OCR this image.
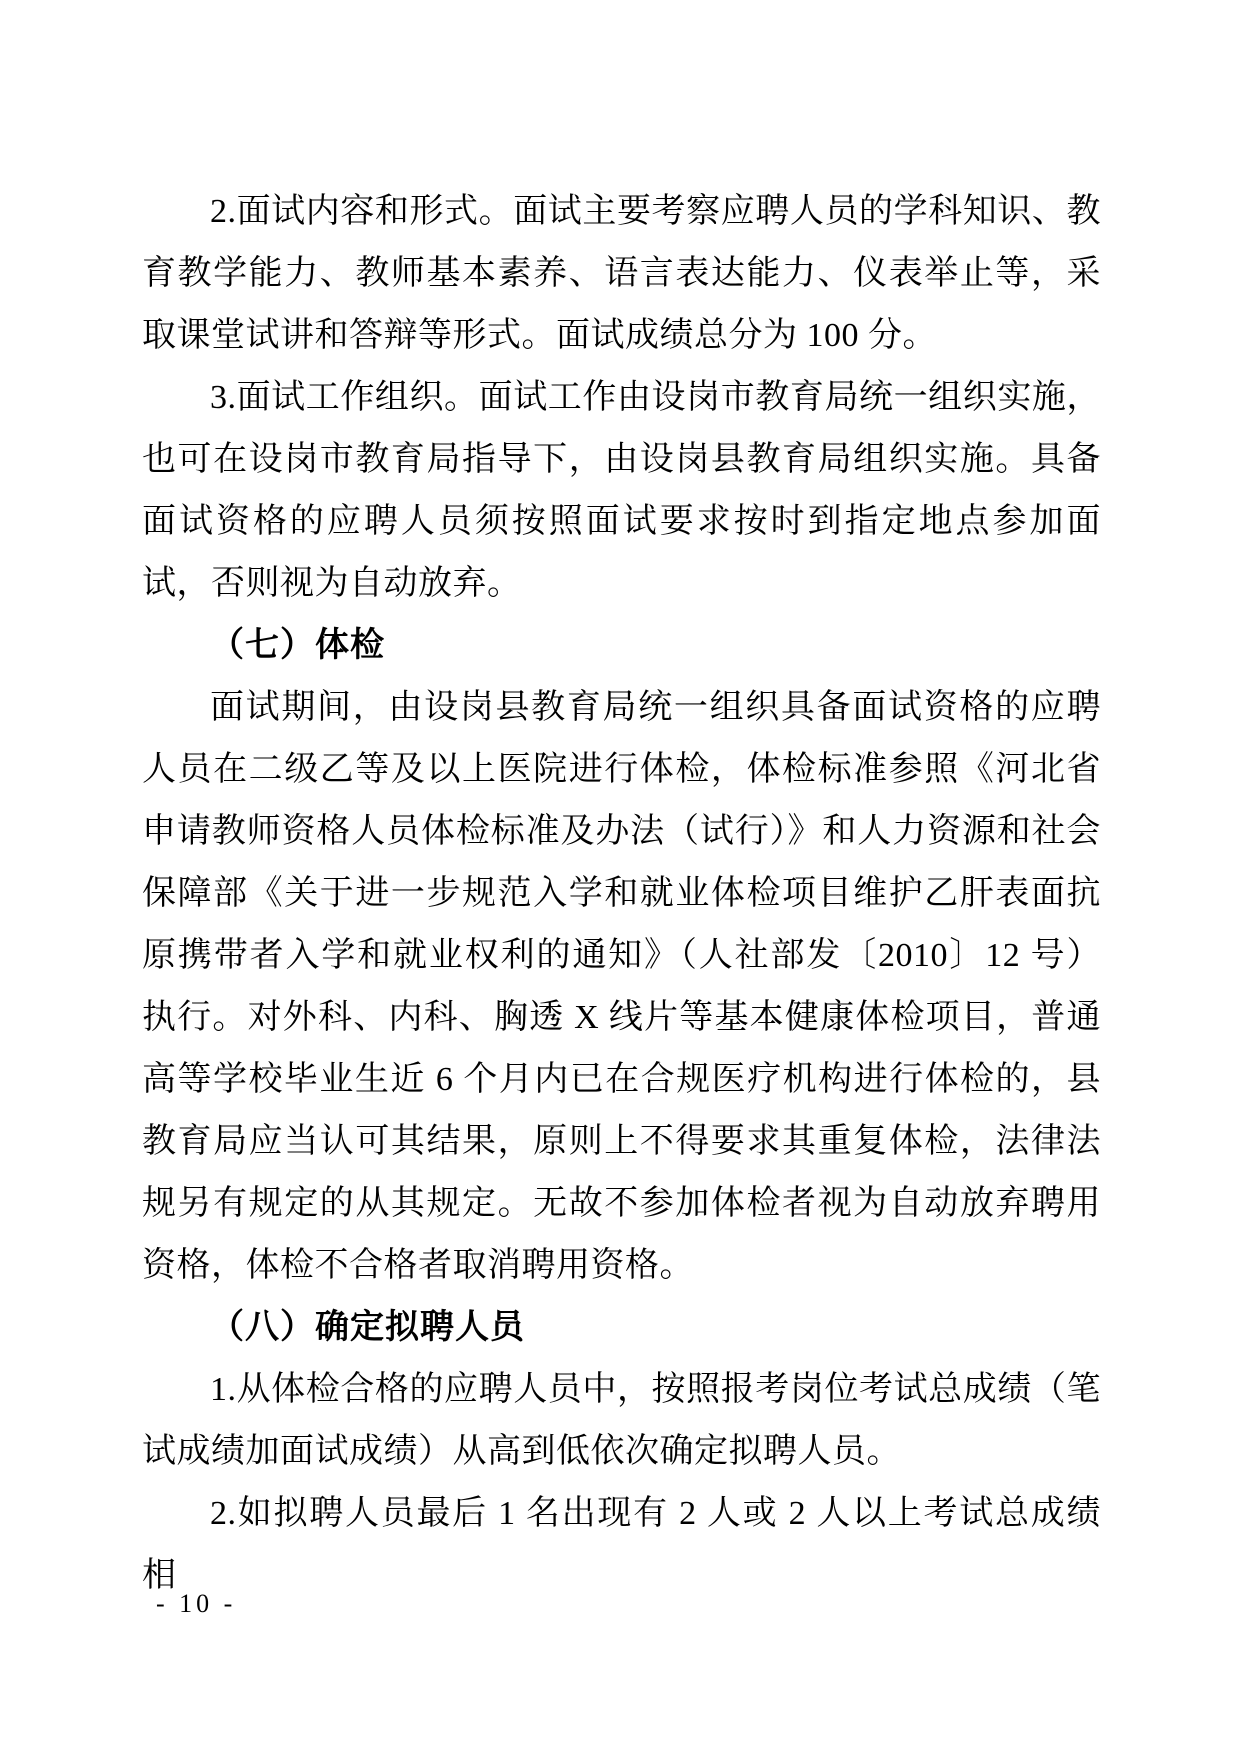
2.面试内容和形式。面试主要考察应聘人员的学科知识、教育教学能力、教师基本素养、语言表达能力、仪表举止等，采取课堂试讲和答辩等形式。面试成绩总分为 100 分。

3.面试工作组织。面试工作由设岗市教育局统一组织实施，也可在设岗市教育局指导下，由设岗县教育局组织实施。具备面试资格的应聘人员须按照面试要求按时到指定地点参加面试，否则视为自动放弃。

（七）体检

面试期间，由设岗县教育局统一组织具备面试资格的应聘人员在二级乙等及以上医院进行体检，体检标准参照《河北省申请教师资格人员体检标准及办法（试行）》和人力资源和社会保障部《关于进一步规范入学和就业体检项目维护乙肝表面抗原携带者入学和就业权利的通知》（人社部发〔2010〕12 号）执行。对外科、内科、胸透 X 线片等基本健康体检项目，普通高等学校毕业生近 6 个月内已在合规医疗机构进行体检的，县教育局应当认可其结果，原则上不得要求其重复体检，法律法规另有规定的从其规定。无故不参加体检者视为自动放弃聘用资格，体检不合格者取消聘用资格。

（八）确定拟聘人员

1.从体检合格的应聘人员中，按照报考岗位考试总成绩（笔试成绩加面试成绩）从高到低依次确定拟聘人员。

2.如拟聘人员最后 1 名出现有 2 人或 2 人以上考试总成绩相

- 10 -
